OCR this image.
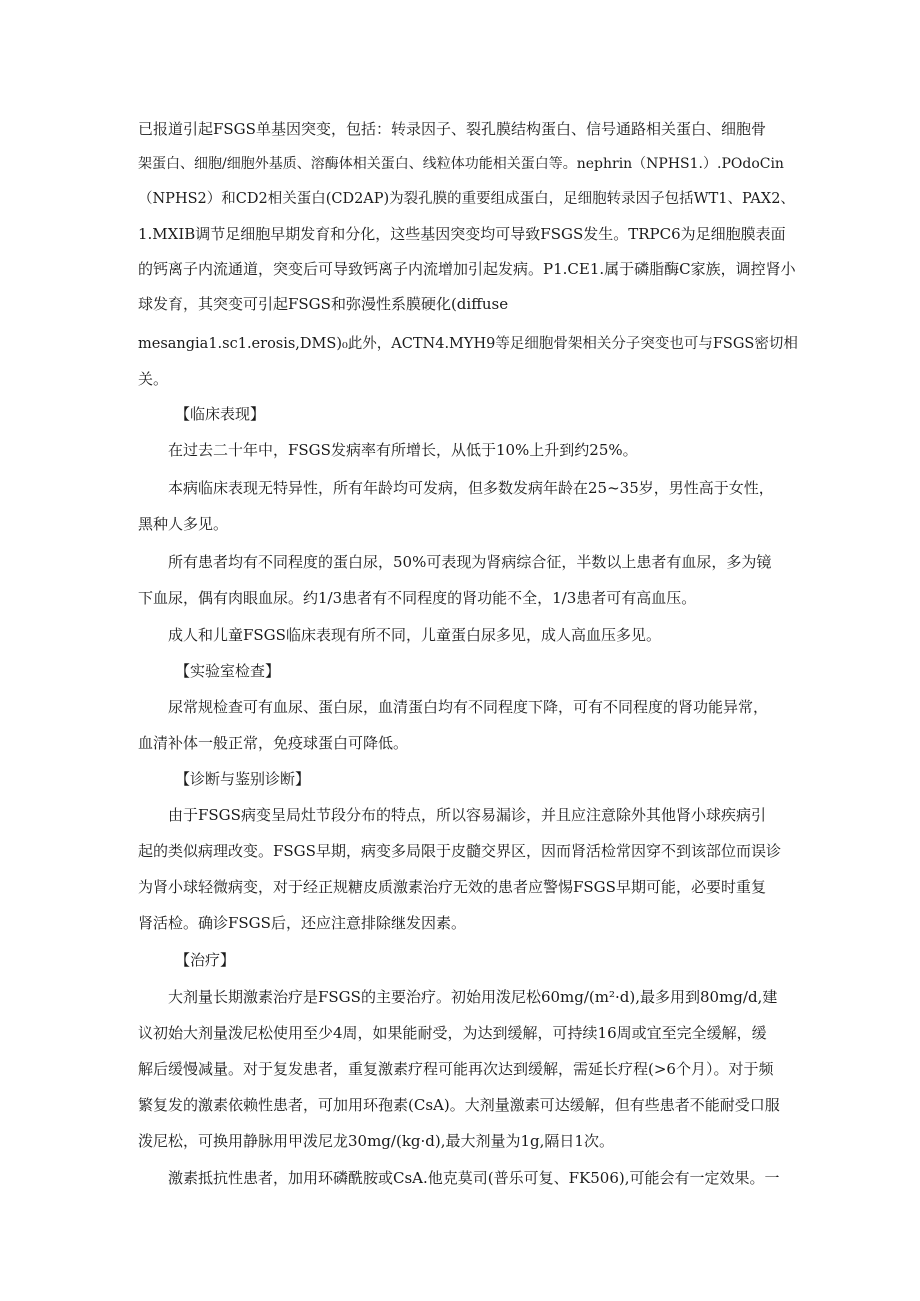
已报道引起FSGS单基因突变，包括：转录因子、裂孔膜结构蛋白、信号通路相关蛋白、细胞骨
架蛋白、细胞/细胞外基质、溶酶体相关蛋白、线粒体功能相关蛋白等。nephrin（NPHS1.）.POdoCin
（NPHS2）和CD2相关蛋白(CD2AP)为裂孔膜的重要组成蛋白，足细胞转录因子包括WT1、PAX2、
1.MXIB调节足细胞早期发育和分化，这些基因突变均可导致FSGS发生。TRPC6为足细胞膜表面
的钙离子内流通道，突变后可导致钙离子内流增加引起发病。P1.CE1.属于磷脂酶C家族，调控肾小
球发育，其突变可引起FSGS和弥漫性系膜硬化(diffuse
mesangia1.sc1.erosis,DMS)₀此外，ACTN4.MYH9等足细胞骨架相关分子突变也可与FSGS密切相
关。
【临床表现】
在过去二十年中，FSGS发病率有所增长，从低于10%上升到约25%。
本病临床表现无特异性，所有年龄均可发病，但多数发病年龄在25~35岁，男性高于女性，
黑种人多见。
所有患者均有不同程度的蛋白尿，50%可表现为肾病综合征，半数以上患者有血尿，多为镜
下血尿，偶有肉眼血尿。约1/3患者有不同程度的肾功能不全，1/3患者可有高血压。
成人和儿童FSGS临床表现有所不同，儿童蛋白尿多见，成人高血压多见。
【实验室检查】
尿常规检查可有血尿、蛋白尿，血清蛋白均有不同程度下降，可有不同程度的肾功能异常，
血清补体一般正常，免疫球蛋白可降低。
【诊断与鉴别诊断】
由于FSGS病变呈局灶节段分布的特点，所以容易漏诊，并且应注意除外其他肾小球疾病引
起的类似病理改变。FSGS早期，病变多局限于皮髓交界区，因而肾活检常因穿不到该部位而误诊
为肾小球轻微病变，对于经正规糖皮质激素治疗无效的患者应警惕FSGS早期可能，必要时重复
肾活检。确诊FSGS后，还应注意排除继发因素。
【治疗】
大剂量长期激素治疗是FSGS的主要治疗。初始用泼尼松60mg/(m²·d),最多用到80mg/d,建
议初始大剂量泼尼松使用至少4周，如果能耐受，为达到缓解，可持续16周或宜至完全缓解，缓
解后缓慢减量。对于复发患者，重复激素疗程可能再次达到缓解，需延长疗程(>6个月）。对于频
繁复发的激素依赖性患者，可加用环孢素(CsA)。大剂量激素可达缓解，但有些患者不能耐受口服
泼尼松，可换用静脉用甲泼尼龙30mg/(kg·d),最大剂量为1g,隔日1次。
激素抵抗性患者，加用环磷酰胺或CsA.他克莫司(普乐可复、FK506),可能会有一定效果。一
